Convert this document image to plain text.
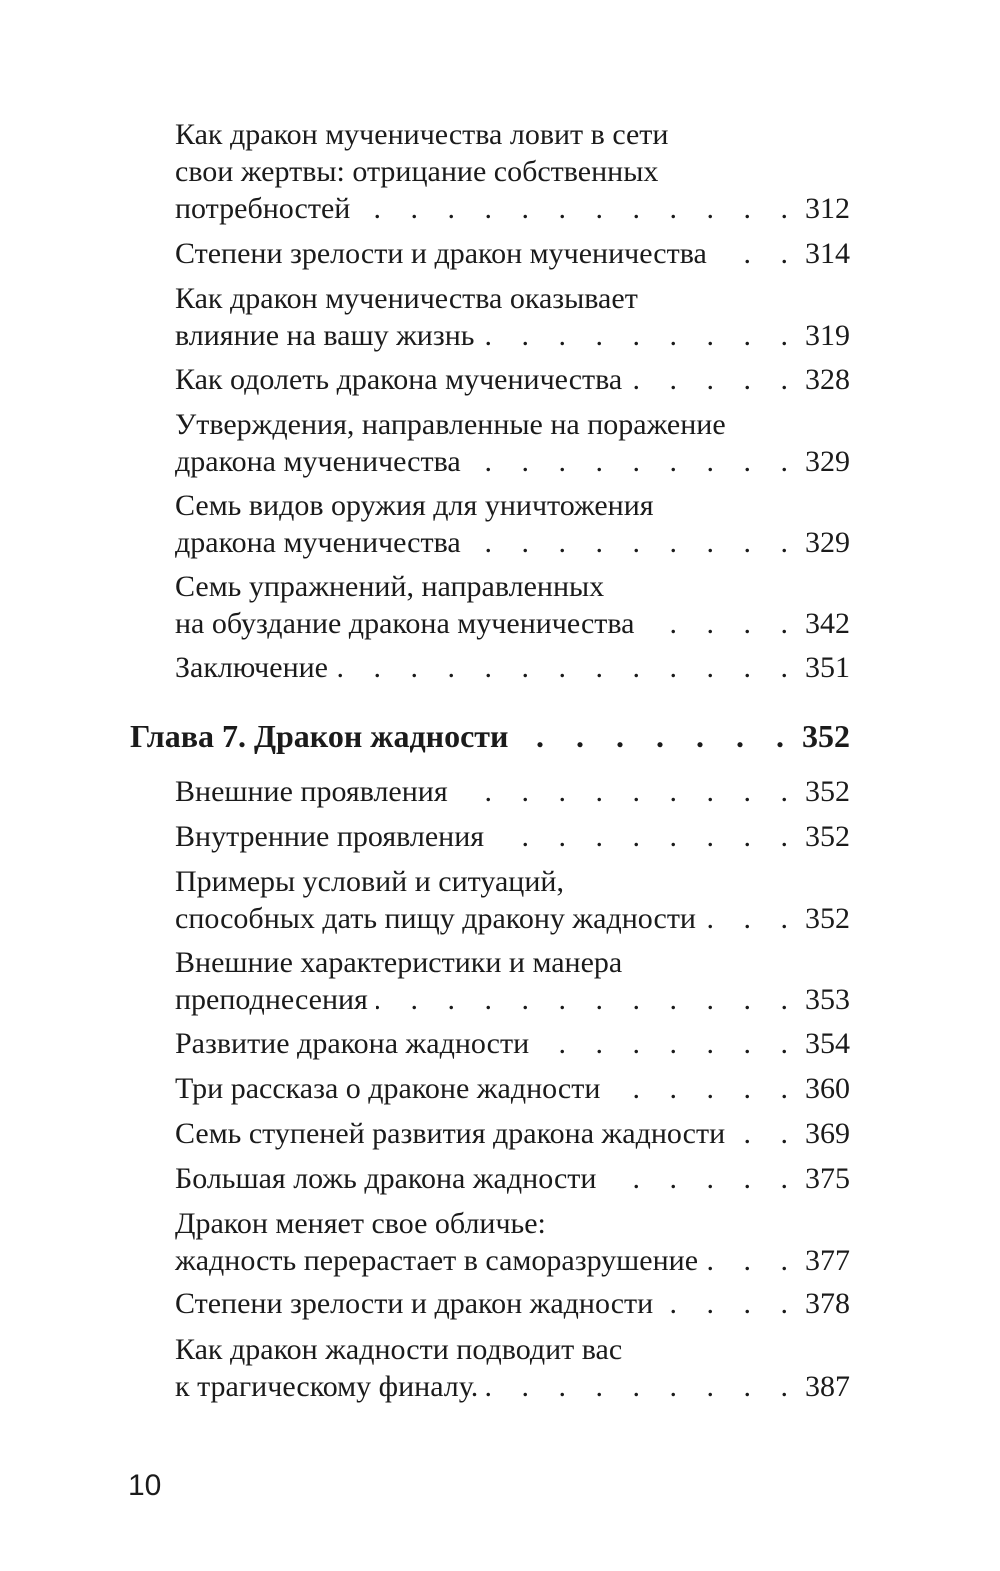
Как дракон мученичества ловит в сети
свои жертвы: отрицание собственных
потребностей . . .	312
Степени зрелости и дракон мученичества . . .	314
Как дракон мученичества оказывает
влияние на вашу жизнь . . .	319
Как одолеть дракона мученичества . . .	328
Утверждения, направленные на поражение
дракона мученичества . . .	329
Семь видов оружия для уничтожения
дракона мученичества . . .	329
Семь упражнений, направленных
на обуздание дракона мученичества . . .	342
Заключение . . .	351
Глава 7. Дракон жадности . . .	352
Внешние проявления . . .	352
Внутренние проявления . . .	352
Примеры условий и ситуаций,
способных дать пищу дракону жадности . . .	352
Внешние характеристики и манера
преподнесения . . .	353
Развитие дракона жадности . . .	354
Три рассказа о драконе жадности . . .	360
Семь ступеней развития дракона жадности . . .	369
Большая ложь дракона жадности . . .	375
Дракон меняет свое обличье:
жадность перерастает в саморазрушение . . .	377
Степени зрелости и дракон жадности . . .	378
Как дракон жадности подводит вас
к трагическому финалу. . . .	387
10
